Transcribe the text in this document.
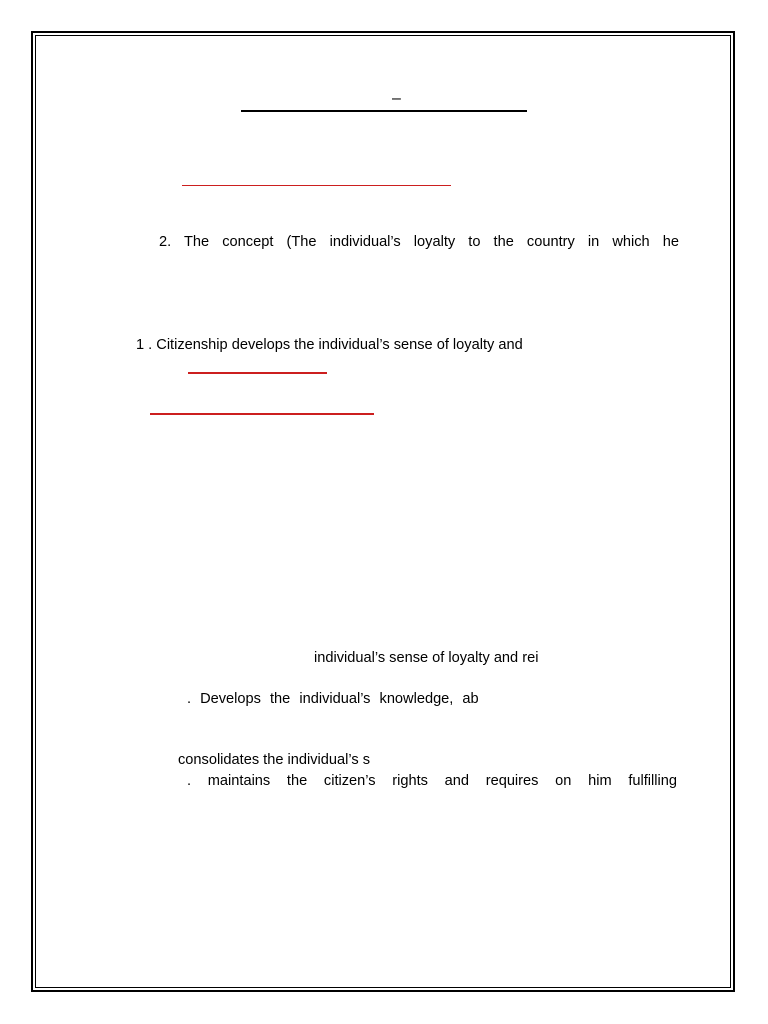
–
2. The concept (The individual’s loyalty to the country in which he
1 . Citizenship develops the individual’s sense of loyalty and
individual’s sense of loyalty and rei
. Develops the individual’s knowledge, ab
consolidates the individual’s s
. maintains the citizen’s rights and requires on him fulfilling
